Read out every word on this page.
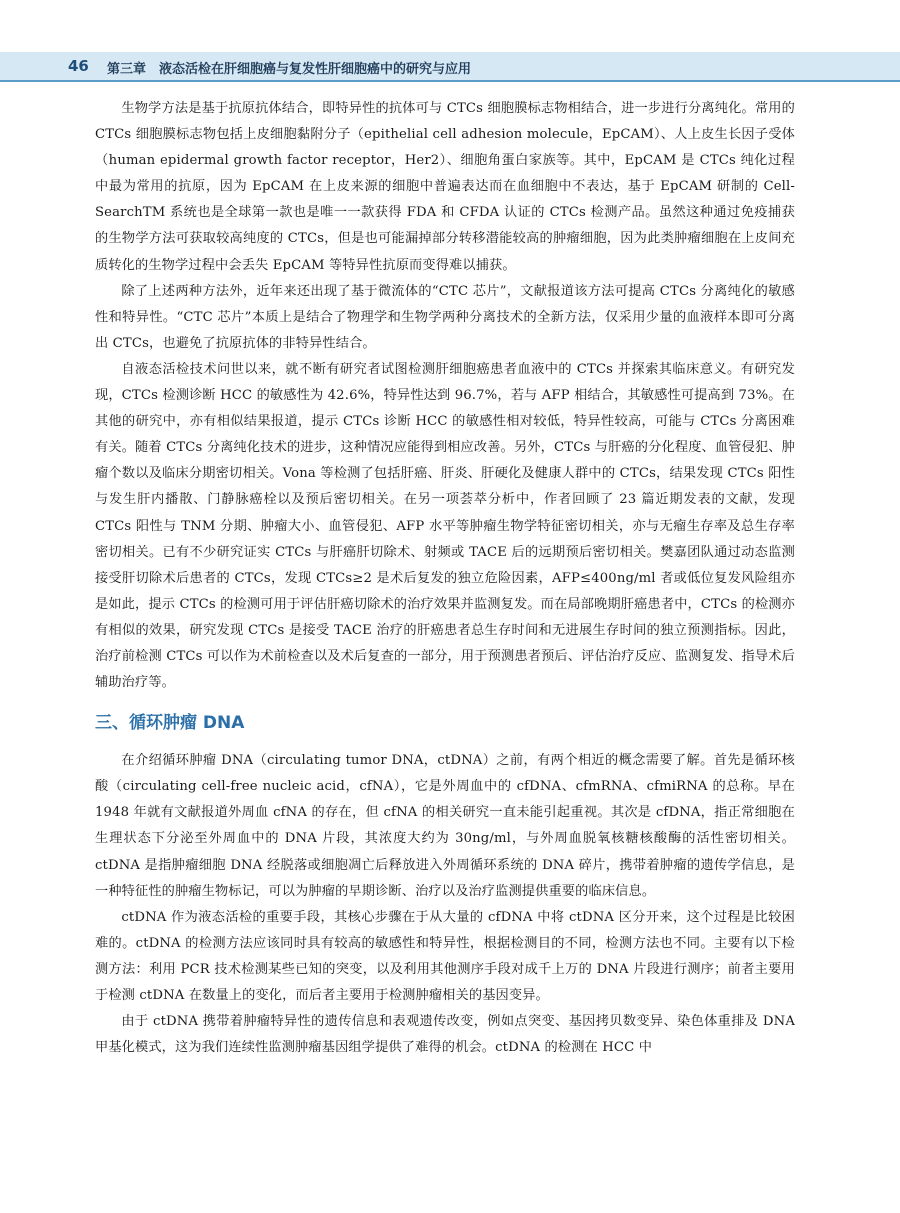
46 第三章　液态活检在肝细胞癌与复发性肝细胞癌中的研究与应用

生物学方法是基于抗原抗体结合，即特异性的抗体可与 CTCs 细胞膜标志物相结合，进一步进行分离纯化。常用的 CTCs 细胞膜标志物包括上皮细胞黏附分子（epithelial cell adhesion molecule，EpCAM）、人上皮生长因子受体（human epidermal growth factor receptor，Her2）、细胞角蛋白家族等。其中，EpCAM 是 CTCs 纯化过程中最为常用的抗原，因为 EpCAM 在上皮来源的细胞中普遍表达而在血细胞中不表达，基于 EpCAM 研制的 Cell-SearchTM 系统也是全球第一款也是唯一一款获得 FDA 和 CFDA 认证的 CTCs 检测产品。虽然这种通过免疫捕获的生物学方法可获取较高纯度的 CTCs，但是也可能漏掉部分转移潜能较高的肿瘤细胞，因为此类肿瘤细胞在上皮间充质转化的生物学过程中会丢失 EpCAM 等特异性抗原而变得难以捕获。

除了上述两种方法外，近年来还出现了基于微流体的“CTC 芯片”，文献报道该方法可提高 CTCs 分离纯化的敏感性和特异性。“CTC 芯片”本质上是结合了物理学和生物学两种分离技术的全新方法，仅采用少量的血液样本即可分离出 CTCs，也避免了抗原抗体的非特异性结合。

自液态活检技术问世以来，就不断有研究者试图检测肝细胞癌患者血液中的 CTCs 并探索其临床意义。有研究发现，CTCs 检测诊断 HCC 的敏感性为 42.6%，特异性达到 96.7%，若与 AFP 相结合，其敏感性可提高到 73%。在其他的研究中，亦有相似结果报道，提示 CTCs 诊断 HCC 的敏感性相对较低，特异性较高，可能与 CTCs 分离困难有关。随着 CTCs 分离纯化技术的进步，这种情况应能得到相应改善。另外，CTCs 与肝癌的分化程度、血管侵犯、肿瘤个数以及临床分期密切相关。Vona 等检测了包括肝癌、肝炎、肝硬化及健康人群中的 CTCs，结果发现 CTCs 阳性与发生肝内播散、门静脉癌栓以及预后密切相关。在另一项荟萃分析中，作者回顾了 23 篇近期发表的文献，发现 CTCs 阳性与 TNM 分期、肿瘤大小、血管侵犯、AFP 水平等肿瘤生物学特征密切相关，亦与无瘤生存率及总生存率密切相关。已有不少研究证实 CTCs 与肝癌肝切除术、射频或 TACE 后的远期预后密切相关。樊嘉团队通过动态监测接受肝切除术后患者的 CTCs，发现 CTCs≥2 是术后复发的独立危险因素，AFP≤400ng/ml 者或低位复发风险组亦是如此，提示 CTCs 的检测可用于评估肝癌切除术的治疗效果并监测复发。而在局部晚期肝癌患者中，CTCs 的检测亦有相似的效果，研究发现 CTCs 是接受 TACE 治疗的肝癌患者总生存时间和无进展生存时间的独立预测指标。因此，治疗前检测 CTCs 可以作为术前检查以及术后复查的一部分，用于预测患者预后、评估治疗反应、监测复发、指导术后辅助治疗等。

三、循环肿瘤 DNA

在介绍循环肿瘤 DNA（circulating tumor DNA，ctDNA）之前，有两个相近的概念需要了解。首先是循环核酸（circulating cell-free nucleic acid，cfNA），它是外周血中的 cfDNA、cfmRNA、cfmiRNA 的总称。早在 1948 年就有文献报道外周血 cfNA 的存在，但 cfNA 的相关研究一直未能引起重视。其次是 cfDNA，指正常细胞在生理状态下分泌至外周血中的 DNA 片段，其浓度大约为 30ng/ml，与外周血脱氧核糖核酸酶的活性密切相关。ctDNA 是指肿瘤细胞 DNA 经脱落或细胞凋亡后释放进入外周循环系统的 DNA 碎片，携带着肿瘤的遗传学信息，是一种特征性的肿瘤生物标记，可以为肿瘤的早期诊断、治疗以及治疗监测提供重要的临床信息。

ctDNA 作为液态活检的重要手段，其核心步骤在于从大量的 cfDNA 中将 ctDNA 区分开来，这个过程是比较困难的。ctDNA 的检测方法应该同时具有较高的敏感性和特异性，根据检测目的不同，检测方法也不同。主要有以下检测方法：利用 PCR 技术检测某些已知的突变，以及利用其他测序手段对成千上万的 DNA 片段进行测序；前者主要用于检测 ctDNA 在数量上的变化，而后者主要用于检测肿瘤相关的基因变异。

由于 ctDNA 携带着肿瘤特异性的遗传信息和表观遗传改变，例如点突变、基因拷贝数变异、染色体重排及 DNA 甲基化模式，这为我们连续性监测肿瘤基因组学提供了难得的机会。ctDNA 的检测在 HCC 中
